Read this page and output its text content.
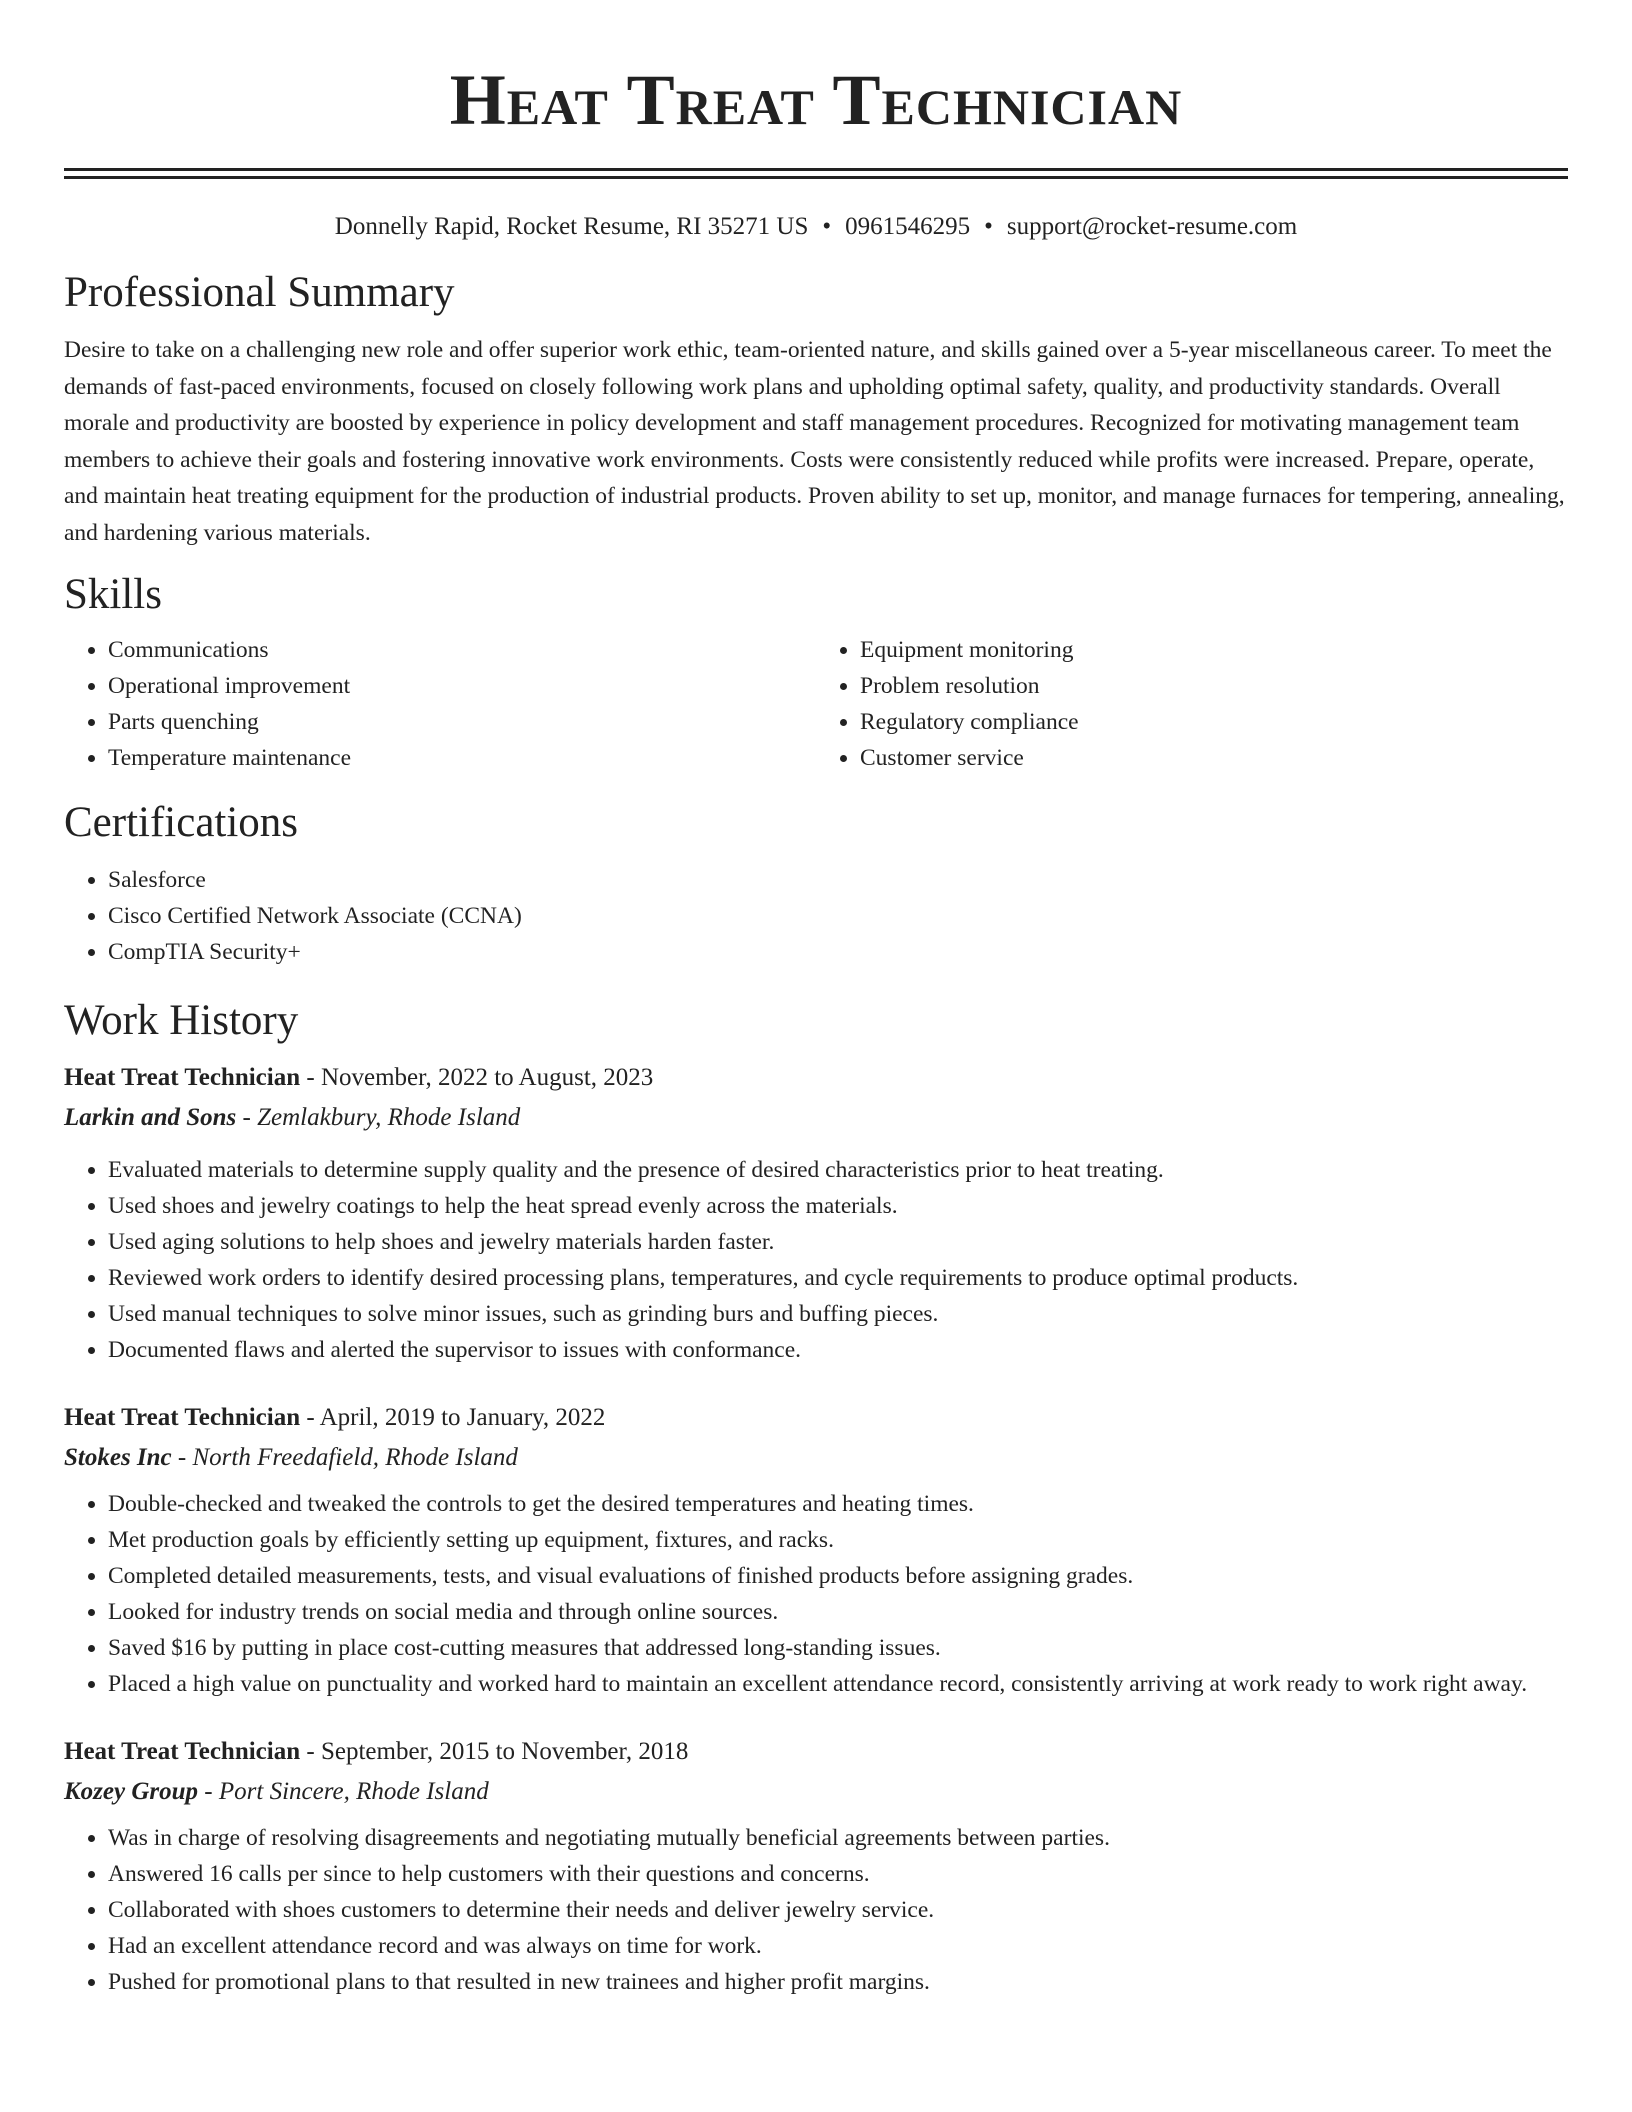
Heat Treat Technician
Donnelly Rapid, Rocket Resume, RI 35271 US • 0961546295 • support@rocket-resume.com
Professional Summary

Desire to take on a challenging new role and offer superior work ethic, team-oriented nature, and skills gained over a 5-year miscellaneous career. To meet the demands of fast-paced environments, focused on closely following work plans and upholding optimal safety, quality, and productivity standards. Overall morale and productivity are boosted by experience in policy development and staff management procedures. Recognized for motivating management team members to achieve their goals and fostering innovative work environments. Costs were consistently reduced while profits were increased. Prepare, operate, and maintain heat treating equipment for the production of industrial products. Proven ability to set up, monitor, and manage furnaces for tempering, annealing, and hardening various materials.

Skills
• Communications
• Operational improvement
• Parts quenching
• Temperature maintenance
• Equipment monitoring
• Problem resolution
• Regulatory compliance
• Customer service
Certifications
• Salesforce
• Cisco Certified Network Associate (CCNA)
• CompTIA Security+
Work History

Heat Treat Technician - November, 2022 to August, 2023

Larkin and Sons - Zemlakbury, Rhode Island

• Evaluated materials to determine supply quality and the presence of desired characteristics prior to heat treating.
• Used shoes and jewelry coatings to help the heat spread evenly across the materials.
• Used aging solutions to help shoes and jewelry materials harden faster.
• Reviewed work orders to identify desired processing plans, temperatures, and cycle requirements to produce optimal products.
• Used manual techniques to solve minor issues, such as grinding burs and buffing pieces.
• Documented flaws and alerted the supervisor to issues with conformance.

Heat Treat Technician - April, 2019 to January, 2022

Stokes Inc - North Freedafield, Rhode Island

• Double-checked and tweaked the controls to get the desired temperatures and heating times.
• Met production goals by efficiently setting up equipment, fixtures, and racks.
• Completed detailed measurements, tests, and visual evaluations of finished products before assigning grades.
• Looked for industry trends on social media and through online sources.
• Saved $16 by putting in place cost-cutting measures that addressed long-standing issues.
• Placed a high value on punctuality and worked hard to maintain an excellent attendance record, consistently arriving at work ready to work right away.

Heat Treat Technician - September, 2015 to November, 2018

Kozey Group - Port Sincere, Rhode Island

• Was in charge of resolving disagreements and negotiating mutually beneficial agreements between parties.
• Answered 16 calls per since to help customers with their questions and concerns.
• Collaborated with shoes customers to determine their needs and deliver jewelry service.
• Had an excellent attendance record and was always on time for work.
• Pushed for promotional plans to that resulted in new trainees and higher profit margins.
